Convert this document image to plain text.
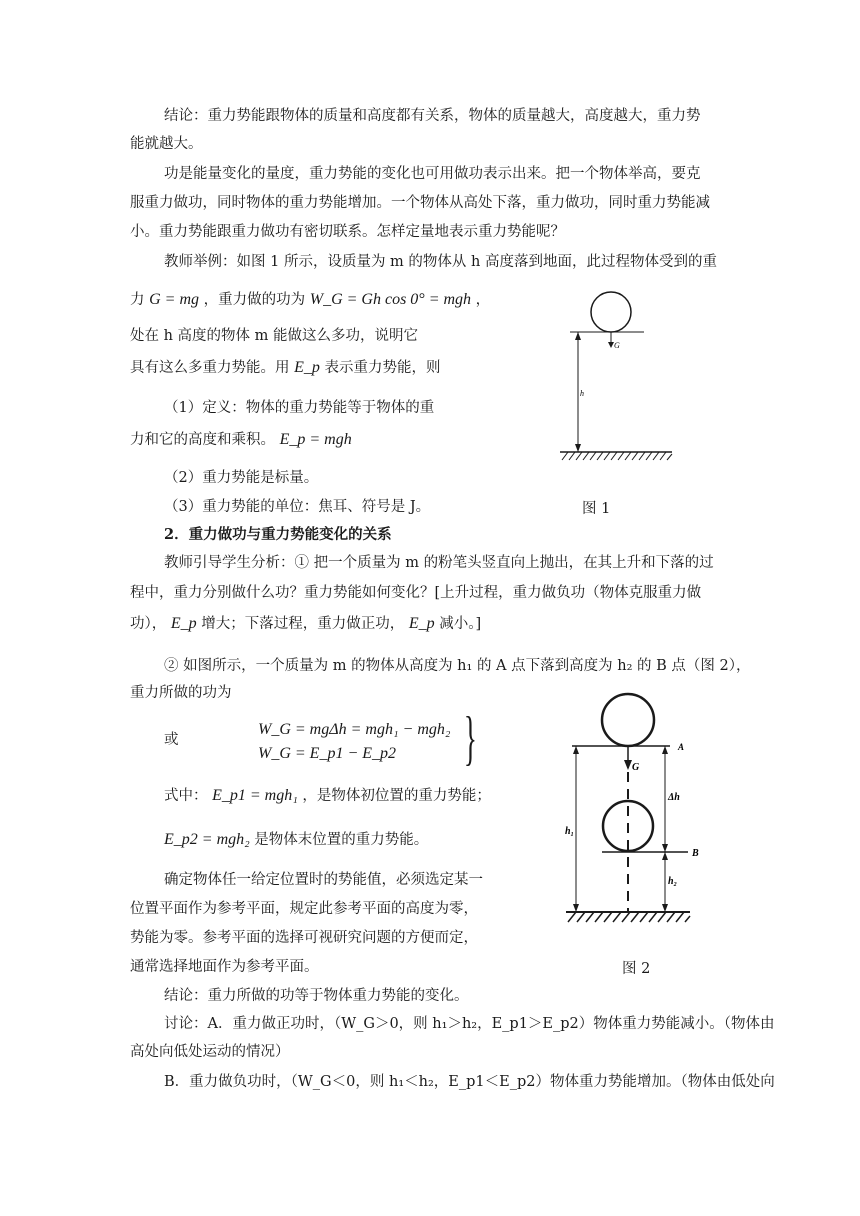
结论：重力势能跟物体的质量和高度都有关系，物体的质量越大，高度越大，重力势
能就越大。
功是能量变化的量度，重力势能的变化也可用做功表示出来。把一个物体举高，要克
服重力做功，同时物体的重力势能增加。一个物体从高处下落，重力做功，同时重力势能减
小。重力势能跟重力做功有密切联系。怎样定量地表示重力势能呢？
教师举例：如图 1 所示，设质量为 m 的物体从 h 高度落到地面，此过程物体受到的重
力 G = mg ，重力做的功为 W_G = Gh cos 0° = mgh ，
处在 h 高度的物体 m 能做这么多功，说明它
具有这么多重力势能。用 E_p 表示重力势能，则
（1）定义：物体的重力势能等于物体的重
力和它的高度和乘积。 E_p = mgh
（2）重力势能是标量。
（3）重力势能的单位：焦耳、符号是 J。
2．重力做功与重力势能变化的关系
教师引导学生分析：① 把一个质量为 m 的粉笔头竖直向上抛出，在其上升和下落的过
程中，重力分别做什么功？重力势能如何变化？[上升过程，重力做负功（物体克服重力做
功）， E_p 增大；下落过程，重力做正功， E_p 减小。]
② 如图所示，一个质量为 m 的物体从高度为 h₁ 的 A 点下落到高度为 h₂ 的 B 点（图 2），
重力所做的功为
或
W_G = mgΔh = mgh₁ − mgh₂
W_G = E_p1 − E_p2 }
式中： E_p1 = mgh₁ ，是物体初位置的重力势能；
E_p2 = mgh₂ 是物体末位置的重力势能。
确定物体任一给定位置时的势能值，必须选定某一
位置平面作为参考平面，规定此参考平面的高度为零，
势能为零。参考平面的选择可视研究问题的方便而定，
通常选择地面作为参考平面。
结论：重力所做的功等于物体重力势能的变化。
讨论：A．重力做正功时，（W_G＞0，则 h₁＞h₂，E_p1＞E_p2）物体重力势能减小。（物体由
高处向低处运动的情况）
B．重力做负功时，（W_G＜0，则 h₁＜h₂，E_p1＜E_p2）物体重力势能增加。（物体由低处向
G
h
图 1
A
G
B
Δh
h₂
h₁
图 2
